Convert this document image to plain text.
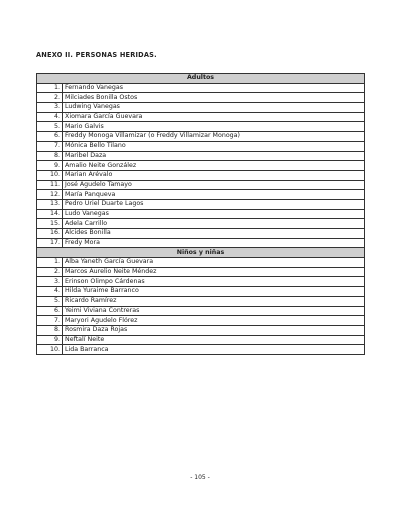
ANEXO II. PERSONAS HERIDAS.
Adultos	
1.	Fernando Vanegas
2.	Milciades Bonilla Ostos
3.	Ludwing Vanegas
4.	Xiomara García Guevara
5.	Mario Galvis
6.	Freddy Monoga Villamizar (o Freddy Villamizar Monoga)
7.	Mónica Bello Tilano
8.	Maribel Daza
9.	Amalio Neite González
10.	Marian Arévalo
11.	José Agudelo Tamayo
12.	María Panqueva
13.	Pedro Uriel Duarte Lagos
14.	Ludo Vanegas
15.	Adela Carrillo
16.	Alcides Bonilla
17.	Fredy Mora
Niños y niñas	
1.	Alba Yaneth García Guevara
2.	Marcos Aurelio Neite Méndez
3.	Erinson Olimpo Cárdenas
4.	Hilda Yuraime Barranco
5.	Ricardo Ramírez
6.	Yeimi Viviana Contreras
7.	Maryori Agudelo Flórez
8.	Rosmira Daza Rojas
9.	Neftalí Neite
10.	Lida Barranca
- 105 -
